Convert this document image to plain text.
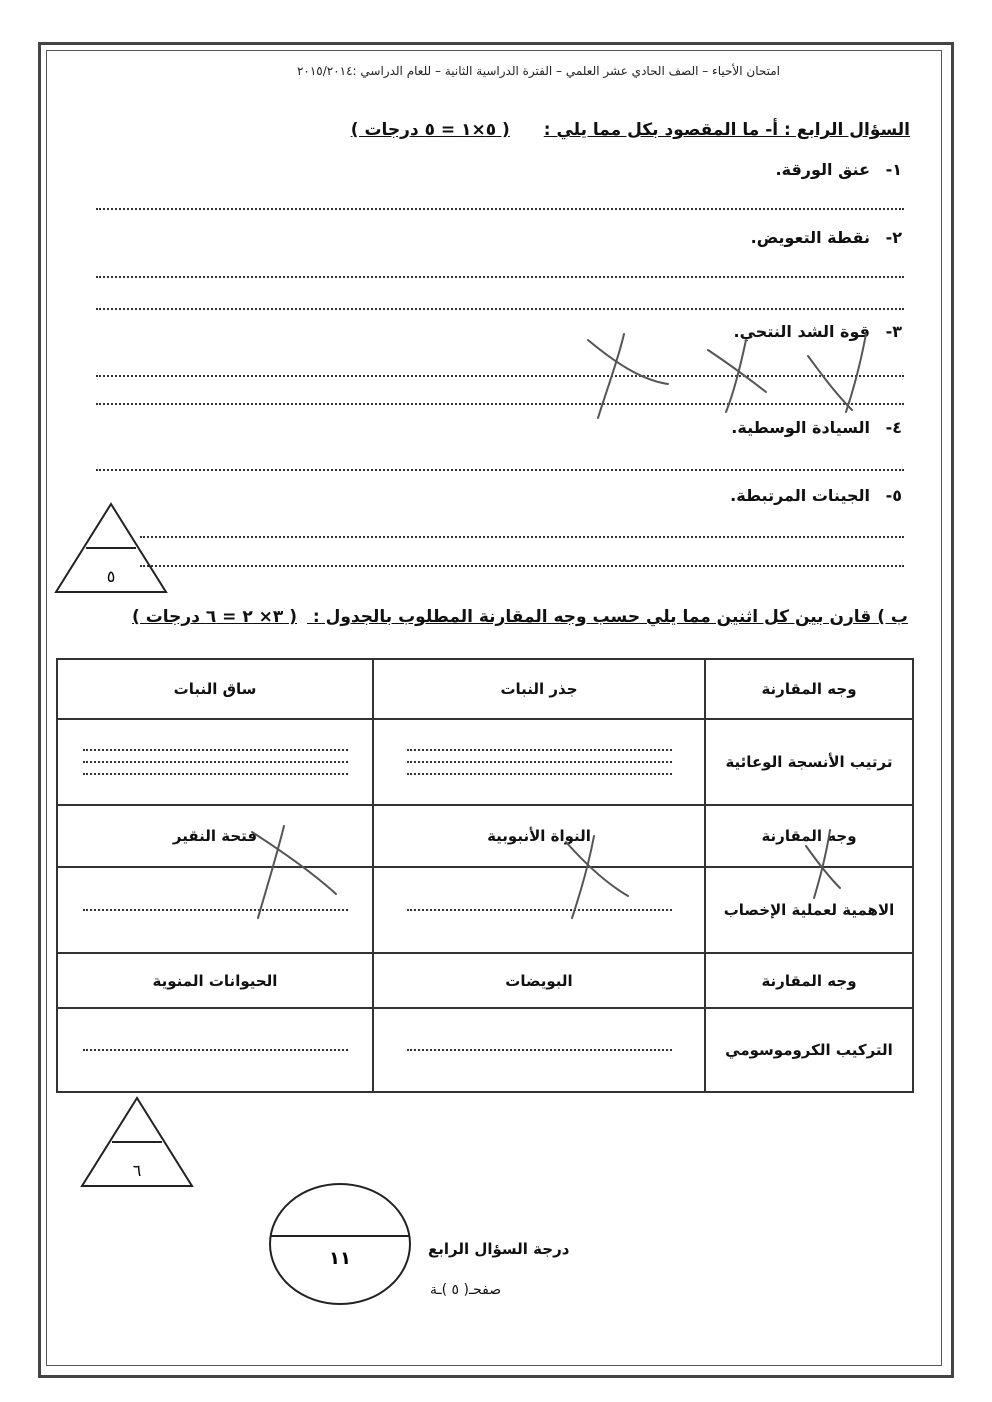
امتحان الأحياء – الصف الحادي عشر العلمي – الفترة الدراسية الثانية – للعام الدراسي :٢٠١٥/٢٠١٤
السؤال الرابع : أ- ما المقصود بكل مما يلي : ( ٥×١ = ٥ درجات )
١-عنق الورقة.
٢-نقطة التعويض.
٣-قوة الشد النتحي.
٤-السيادة الوسطية.
٥-الجينات المرتبطة.
٥
ب ) قارن بين كل اثنين مما يلي حسب وجه المقارنة المطلوب بالجدول : ( ٣× ٢ = ٦ درجات )
وجه المقارنة	جذر النبات	ساق النبات
ترتيب الأنسجة الوعائية	

وجه المقارنة	النواة الأنبوبية	فتحة النقير
الاهمية لعملية الإخصاب	

وجه المقارنة	البويضات	الحيوانات المنوية
التركيب الكروموسومي	

٦
١١	درجة السؤال الرابع
صفحـ( ٥ )ـة
